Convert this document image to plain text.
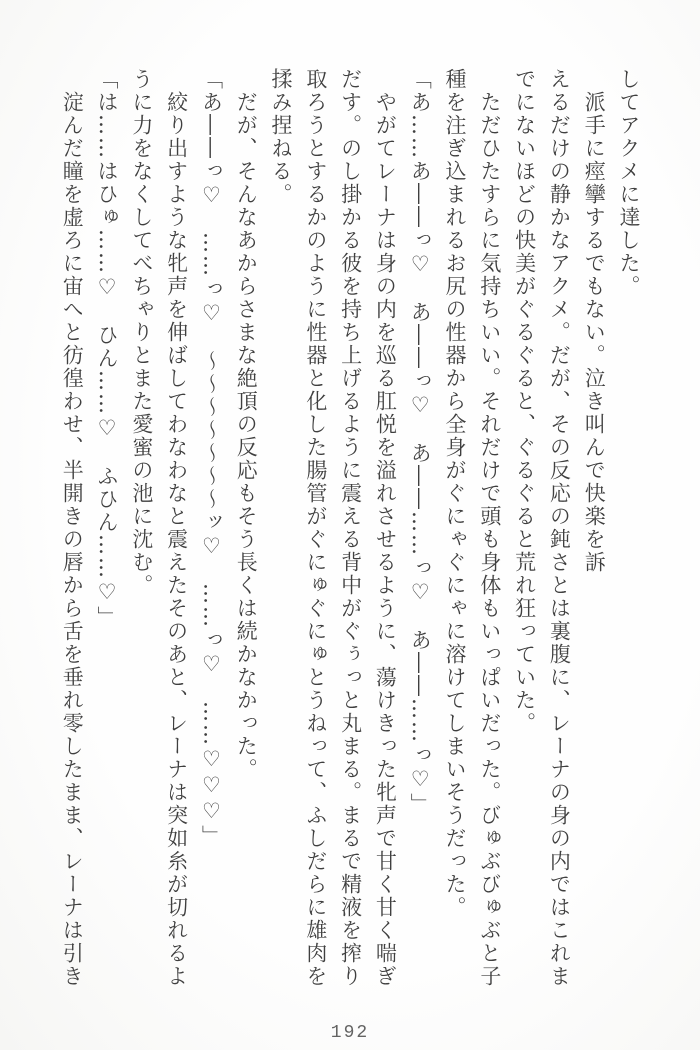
してアクメに達した。
　派手に痙攣するでもない。泣き叫んで快楽を訴
えるだけの静かなアクメ。だが、その反応の鈍さとは裏腹に、レーナの身の内ではこれま
でにないほどの快美がぐるぐると、ぐるぐると荒れ狂っていた。
　ただひたすらに気持ちいい。それだけで頭も身体もいっぱいだった。びゅぶびゅぶと子
種を注ぎ込まれるお尻の性器から全身がぐにゃぐにゃに溶けてしまいそうだった。
「あ……あ――っ♡　あ――っ♡　あ――……っ♡　あ――……っ♡」
　やがてレーナは身の内を巡る肛悦を溢れさせるように、蕩けきった牝声で甘く甘く喘ぎ
だす。のし掛かる彼を持ち上げるように震える背中がぐぅっと丸まる。まるで精液を搾り
取ろうとするかのように性器と化した腸管がぐにゅぐにゅとうねって、ふしだらに雄肉を
揉み捏ねる。
　だが、そんなあからさまな絶頂の反応もそう長くは続かなかった。
「あ――っ♡　……っ♡　～～～～～～～ッ♡　……っ♡　……♡♡♡」
　絞り出すような牝声を伸ばしてわなわなと震えたそのあと、レーナは突如糸が切れるよ
うに力をなくしてべちゃりとまた愛蜜の池に沈む。
「は……はひゅ……♡　ひん……♡　ふひん……♡」
　淀んだ瞳を虚ろに宙へと彷徨わせ、半開きの唇から舌を垂れ零したまま、レーナは引き
192
